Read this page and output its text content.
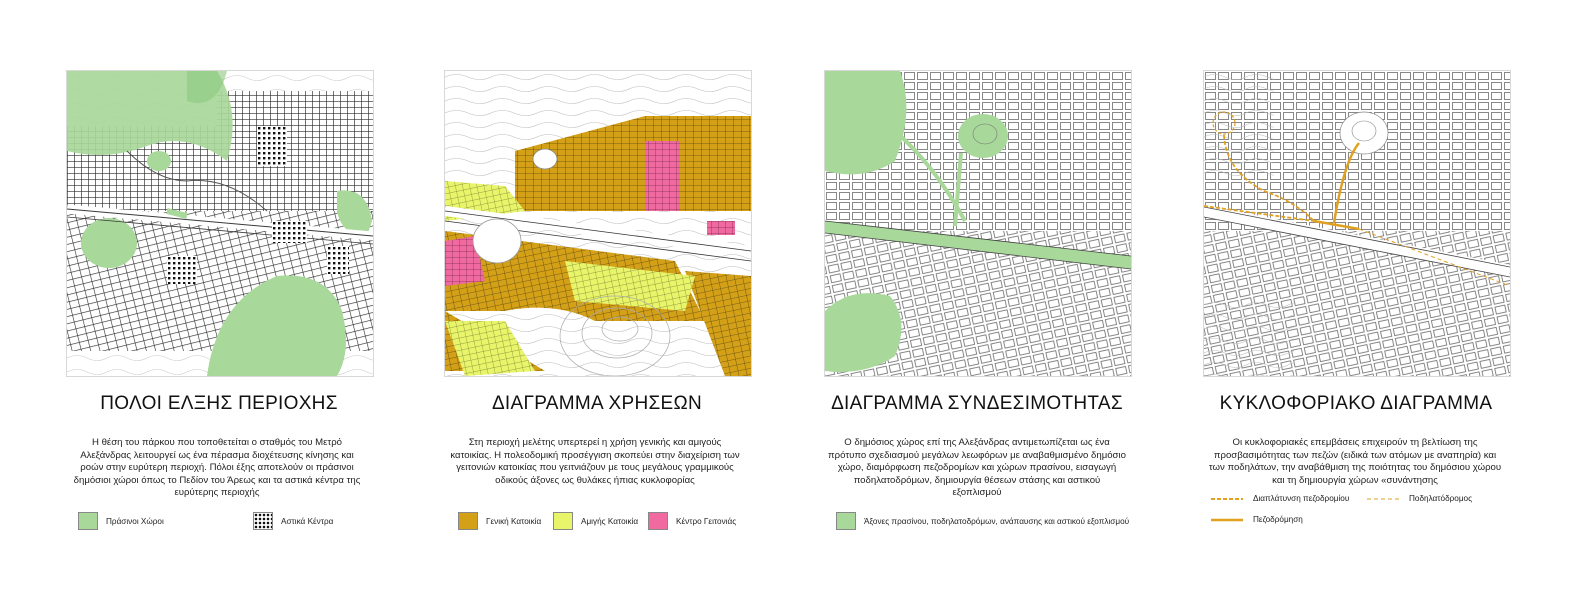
ΠΟΛΟΙ ΕΛΞΗΣ ΠΕΡΙΟΧΗΣ
Η θέση του πάρκου που τοποθετείται ο σταθμός του Μετρό Αλεξάνδρας λειτουργεί ως ένα πέρασμα διοχέτευσης κίνησης και ροών στην ευρύτερη περιοχή. Πόλοι έξης αποτελούν οι πράσινοι δημόσιοι χώροι όπως το Πεδίον του Άρεως και τα αστικά κέντρα της ευρύτερης περιοχής
Πράσινοι Χώροι	Αστικά Κέντρα
ΔΙΑΓΡΑΜΜΑ ΧΡΗΣΕΩΝ
Στη περιοχή μελέτης υπερτερεί η χρήση γενικής και αμιγούς κατοικίας. Η πολεοδομική προσέγγιση σκοπεύει στην διαχείριση των γειτονιών κατοικίας που γειτνιάζουν με τους μεγάλους γραμμικούς οδικούς άξονες ως θυλάκες ήπιας κυκλοφορίας
Γενική Κατοικία	Αμιγής Κατοικία	Κέντρο Γειτονιάς
ΔΙΑΓΡΑΜΜΑ ΣΥΝΔΕΣΙΜΟΤΗΤΑΣ
Ο δημόσιος χώρος επί της Αλεξάνδρας αντιμετωπίζεται ως ένα πρότυπο σχεδιασμού μεγάλων λεωφόρων με αναβαθμισμένο δημόσιο χώρο, διαμόρφωση πεζοδρομίων και χώρων πρασίνου, εισαγωγή ποδηλατοδρόμων, δημιουργία θέσεων στάσης και αστικού εξοπλισμού
Άξονες πρασίνου, ποδηλατοδρόμων, ανάπαυσης και αστικού εξοπλισμού
ΚΥΚΛΟΦΟΡΙΑΚΟ ΔΙΑΓΡΑΜΜΑ
Οι κυκλοφοριακές επεμβάσεις επιχειρούν τη βελτίωση της προσβασιμότητας των πεζών (ειδικά των ατόμων με αναπηρία) και των ποδηλάτων, την αναβάθμιση της ποιότητας του δημόσιου χώρου και τη δημιουργία χώρων «συνάντησης
Διαπλάτυνση πεζοδρομίου	Ποδηλατόδρομος
Πεζοδρόμηση
